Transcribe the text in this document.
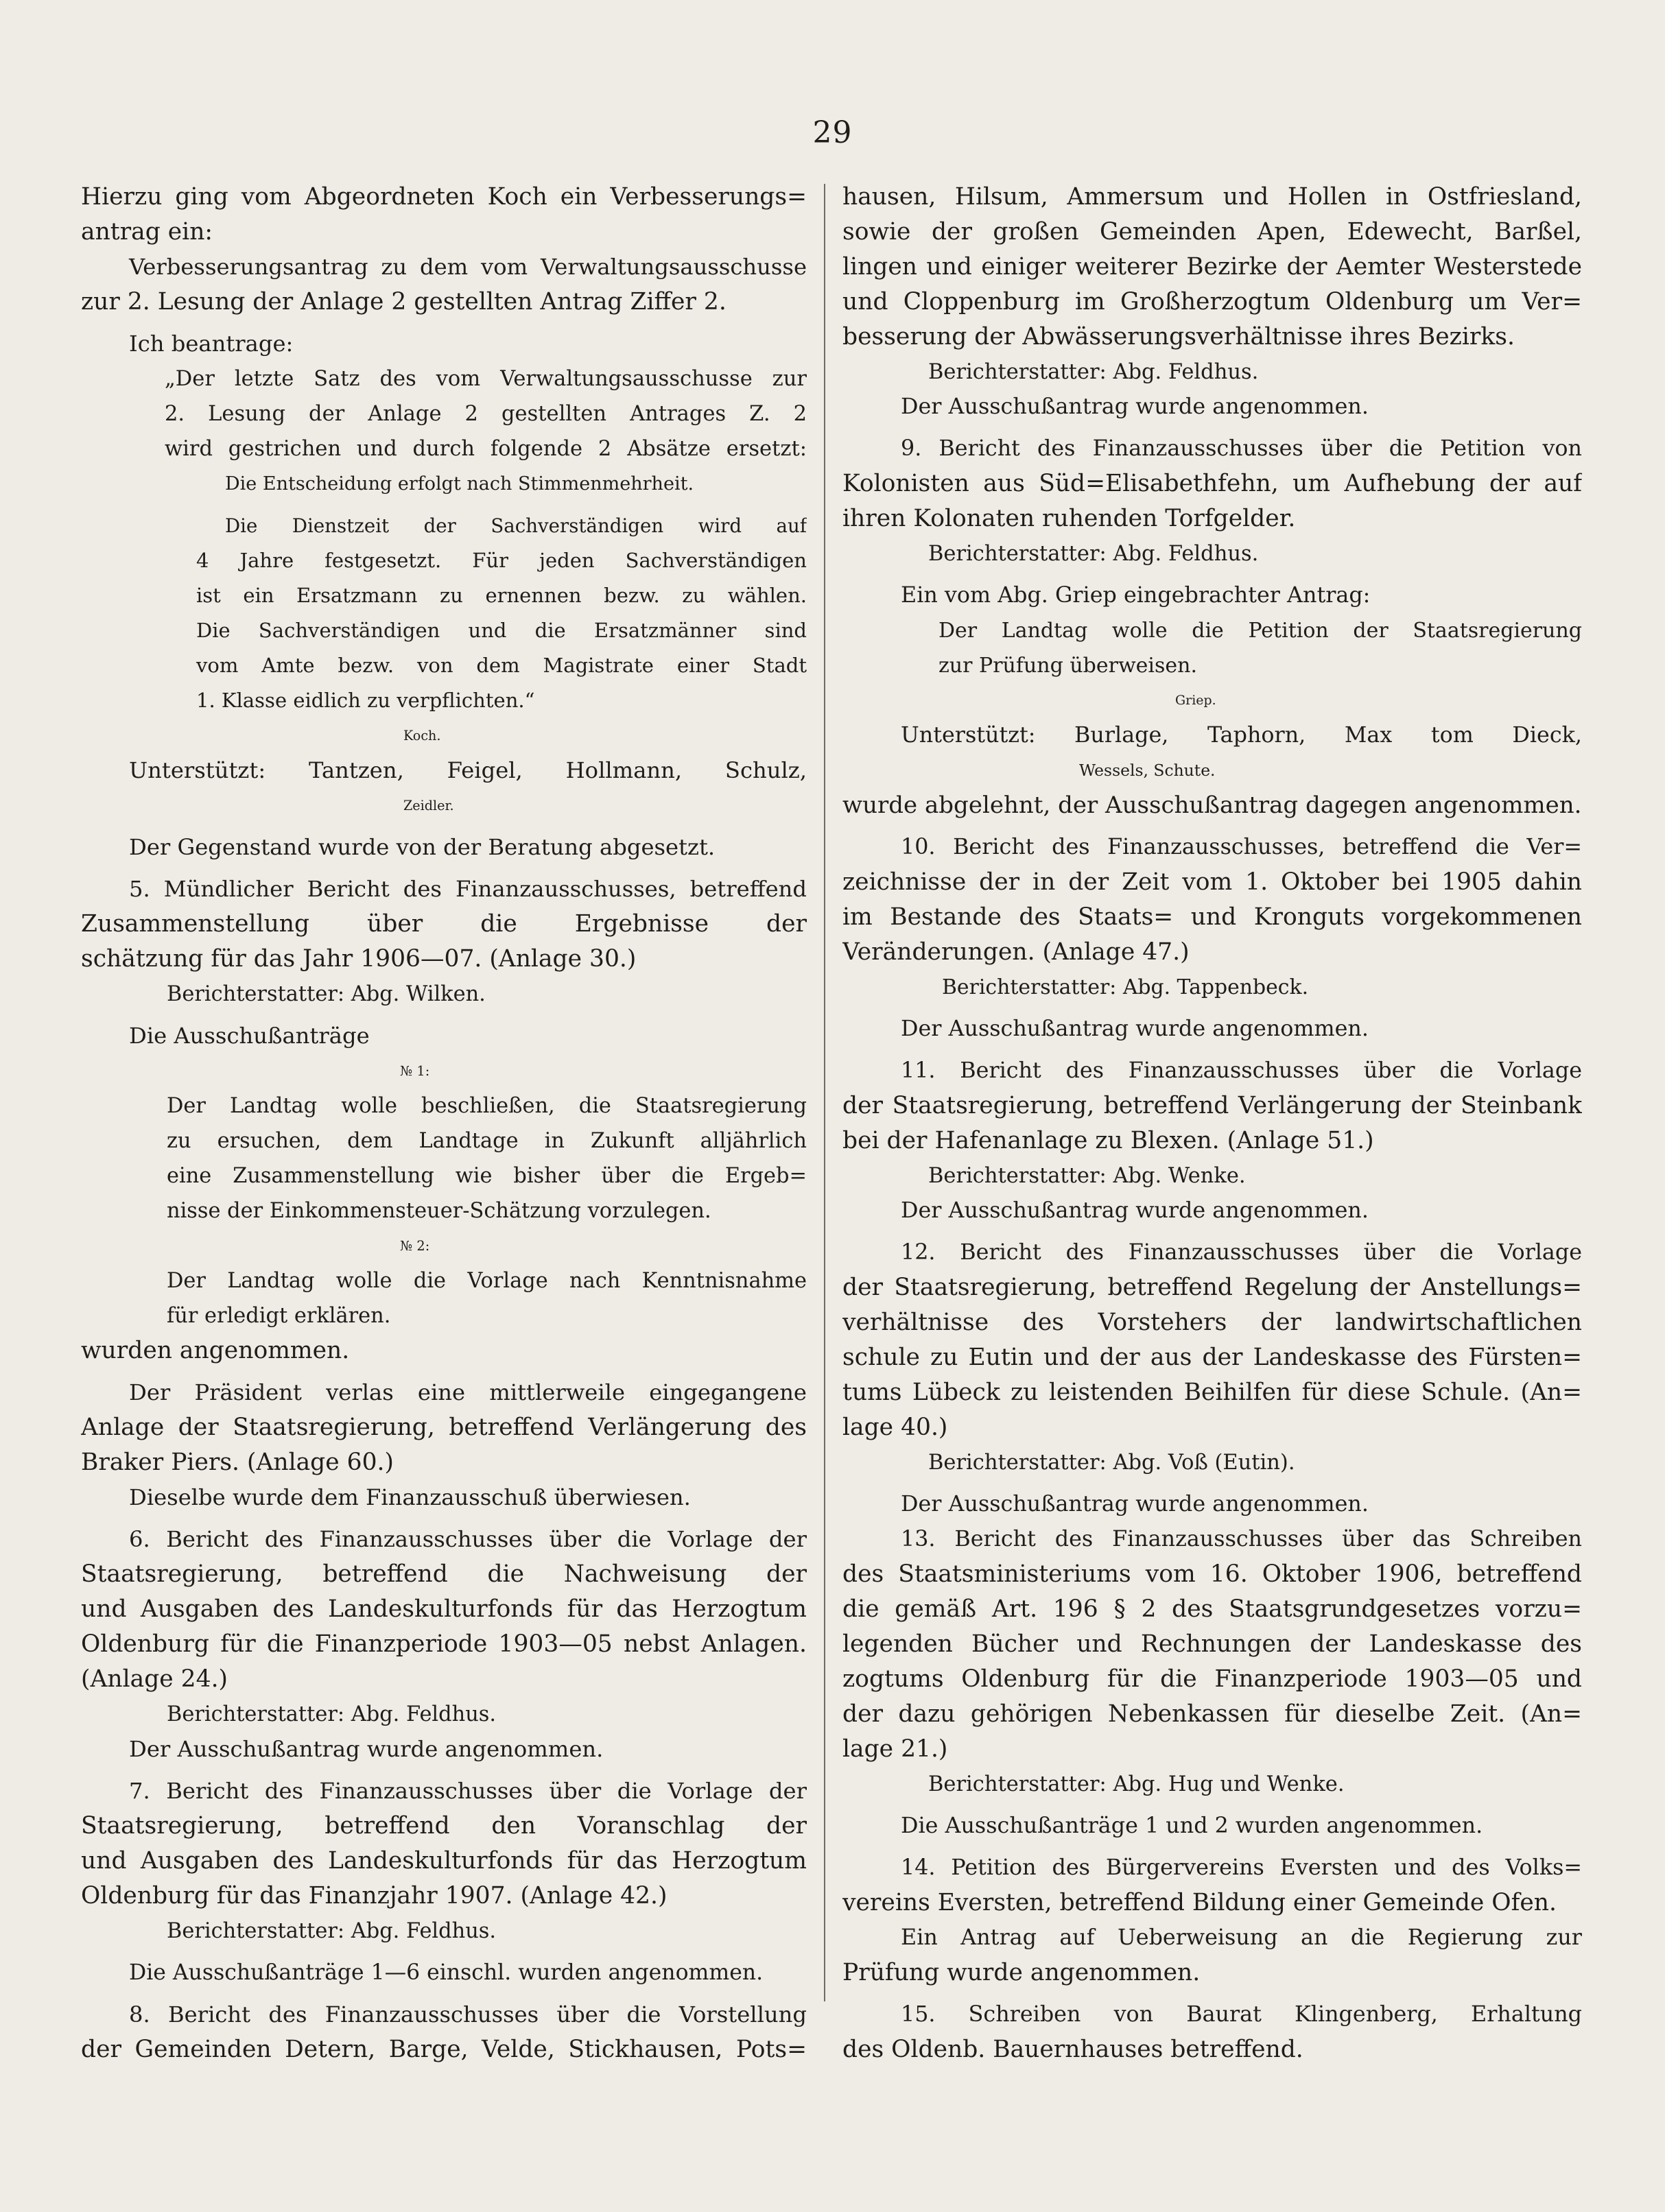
29
Hierzu ging vom Abgeordneten Koch ein Verbesserungs=
antrag ein:
Verbesserungsantrag zu dem vom Verwaltungsausschusse
zur 2. Lesung der Anlage 2 gestellten Antrag Ziffer 2.
Ich beantrage:
„Der letzte Satz des vom Verwaltungsausschusse zur
2. Lesung der Anlage 2 gestellten Antrages Z. 2
wird gestrichen und durch folgende 2 Absätze ersetzt:
Die Entscheidung erfolgt nach Stimmenmehrheit.
Die Dienstzeit der Sachverständigen wird auf
4 Jahre festgesetzt. Für jeden Sachverständigen
ist ein Ersatzmann zu ernennen bezw. zu wählen.
Die Sachverständigen und die Ersatzmänner sind
vom Amte bezw. von dem Magistrate einer Stadt
1. Klasse eidlich zu verpflichten.“
Koch.
Unterstützt: Tantzen, Feigel, Hollmann, Schulz,
Zeidler.
Der Gegenstand wurde von der Beratung abgesetzt.
5. Mündlicher Bericht des Finanzausschusses, betreffend
Zusammenstellung über die Ergebnisse der
schätzung für das Jahr 1906—07. (Anlage 30.)
Berichterstatter: Abg. Wilken.
Die Ausschußanträge
№ 1:
Der Landtag wolle beschließen, die Staatsregierung
zu ersuchen, dem Landtage in Zukunft alljährlich
eine Zusammenstellung wie bisher über die Ergeb=
nisse der Einkommensteuer-Schätzung vorzulegen.
№ 2:
Der Landtag wolle die Vorlage nach Kenntnisnahme
für erledigt erklären.
wurden angenommen.
Der Präsident verlas eine mittlerweile eingegangene
Anlage der Staatsregierung, betreffend Verlängerung des
Braker Piers. (Anlage 60.)
Dieselbe wurde dem Finanzausschuß überwiesen.
6. Bericht des Finanzausschusses über die Vorlage der
Staatsregierung, betreffend die Nachweisung der
und Ausgaben des Landeskulturfonds für das Herzogtum
Oldenburg für die Finanzperiode 1903—05 nebst Anlagen.
(Anlage 24.)
Berichterstatter: Abg. Feldhus.
Der Ausschußantrag wurde angenommen.
7. Bericht des Finanzausschusses über die Vorlage der
Staatsregierung, betreffend den Voranschlag der
und Ausgaben des Landeskulturfonds für das Herzogtum
Oldenburg für das Finanzjahr 1907. (Anlage 42.)
Berichterstatter: Abg. Feldhus.
Die Ausschußanträge 1—6 einschl. wurden angenommen.
8. Bericht des Finanzausschusses über die Vorstellung
der Gemeinden Detern, Barge, Velde, Stickhausen, Pots=
hausen, Hilsum, Ammersum und Hollen in Ostfriesland,
sowie der großen Gemeinden Apen, Edewecht, Barßel,
lingen und einiger weiterer Bezirke der Aemter Westerstede
und Cloppenburg im Großherzogtum Oldenburg um Ver=
besserung der Abwässerungsverhältnisse ihres Bezirks.
Berichterstatter: Abg. Feldhus.
Der Ausschußantrag wurde angenommen.
9. Bericht des Finanzausschusses über die Petition von
Kolonisten aus Süd=Elisabethfehn, um Aufhebung der auf
ihren Kolonaten ruhenden Torfgelder.
Berichterstatter: Abg. Feldhus.
Ein vom Abg. Griep eingebrachter Antrag:
Der Landtag wolle die Petition der Staatsregierung
zur Prüfung überweisen.
Griep.
Unterstützt: Burlage, Taphorn, Max tom Dieck,
Wessels, Schute.
wurde abgelehnt, der Ausschußantrag dagegen angenommen.
10. Bericht des Finanzausschusses, betreffend die Ver=
zeichnisse der in der Zeit vom 1. Oktober bei 1905 dahin
im Bestande des Staats= und Kronguts vorgekommenen
Veränderungen. (Anlage 47.)
Berichterstatter: Abg. Tappenbeck.
Der Ausschußantrag wurde angenommen.
11. Bericht des Finanzausschusses über die Vorlage
der Staatsregierung, betreffend Verlängerung der Steinbank
bei der Hafenanlage zu Blexen. (Anlage 51.)
Berichterstatter: Abg. Wenke.
Der Ausschußantrag wurde angenommen.
12. Bericht des Finanzausschusses über die Vorlage
der Staatsregierung, betreffend Regelung der Anstellungs=
verhältnisse des Vorstehers der landwirtschaftlichen
schule zu Eutin und der aus der Landeskasse des Fürsten=
tums Lübeck zu leistenden Beihilfen für diese Schule. (An=
lage 40.)
Berichterstatter: Abg. Voß (Eutin).
Der Ausschußantrag wurde angenommen.
13. Bericht des Finanzausschusses über das Schreiben
des Staatsministeriums vom 16. Oktober 1906, betreffend
die gemäß Art. 196 § 2 des Staatsgrundgesetzes vorzu=
legenden Bücher und Rechnungen der Landeskasse des
zogtums Oldenburg für die Finanzperiode 1903—05 und
der dazu gehörigen Nebenkassen für dieselbe Zeit. (An=
lage 21.)
Berichterstatter: Abg. Hug und Wenke.
Die Ausschußanträge 1 und 2 wurden angenommen.
14. Petition des Bürgervereins Eversten und des Volks=
vereins Eversten, betreffend Bildung einer Gemeinde Ofen.
Ein Antrag auf Ueberweisung an die Regierung zur
Prüfung wurde angenommen.
15. Schreiben von Baurat Klingenberg, Erhaltung
des Oldenb. Bauernhauses betreffend.
